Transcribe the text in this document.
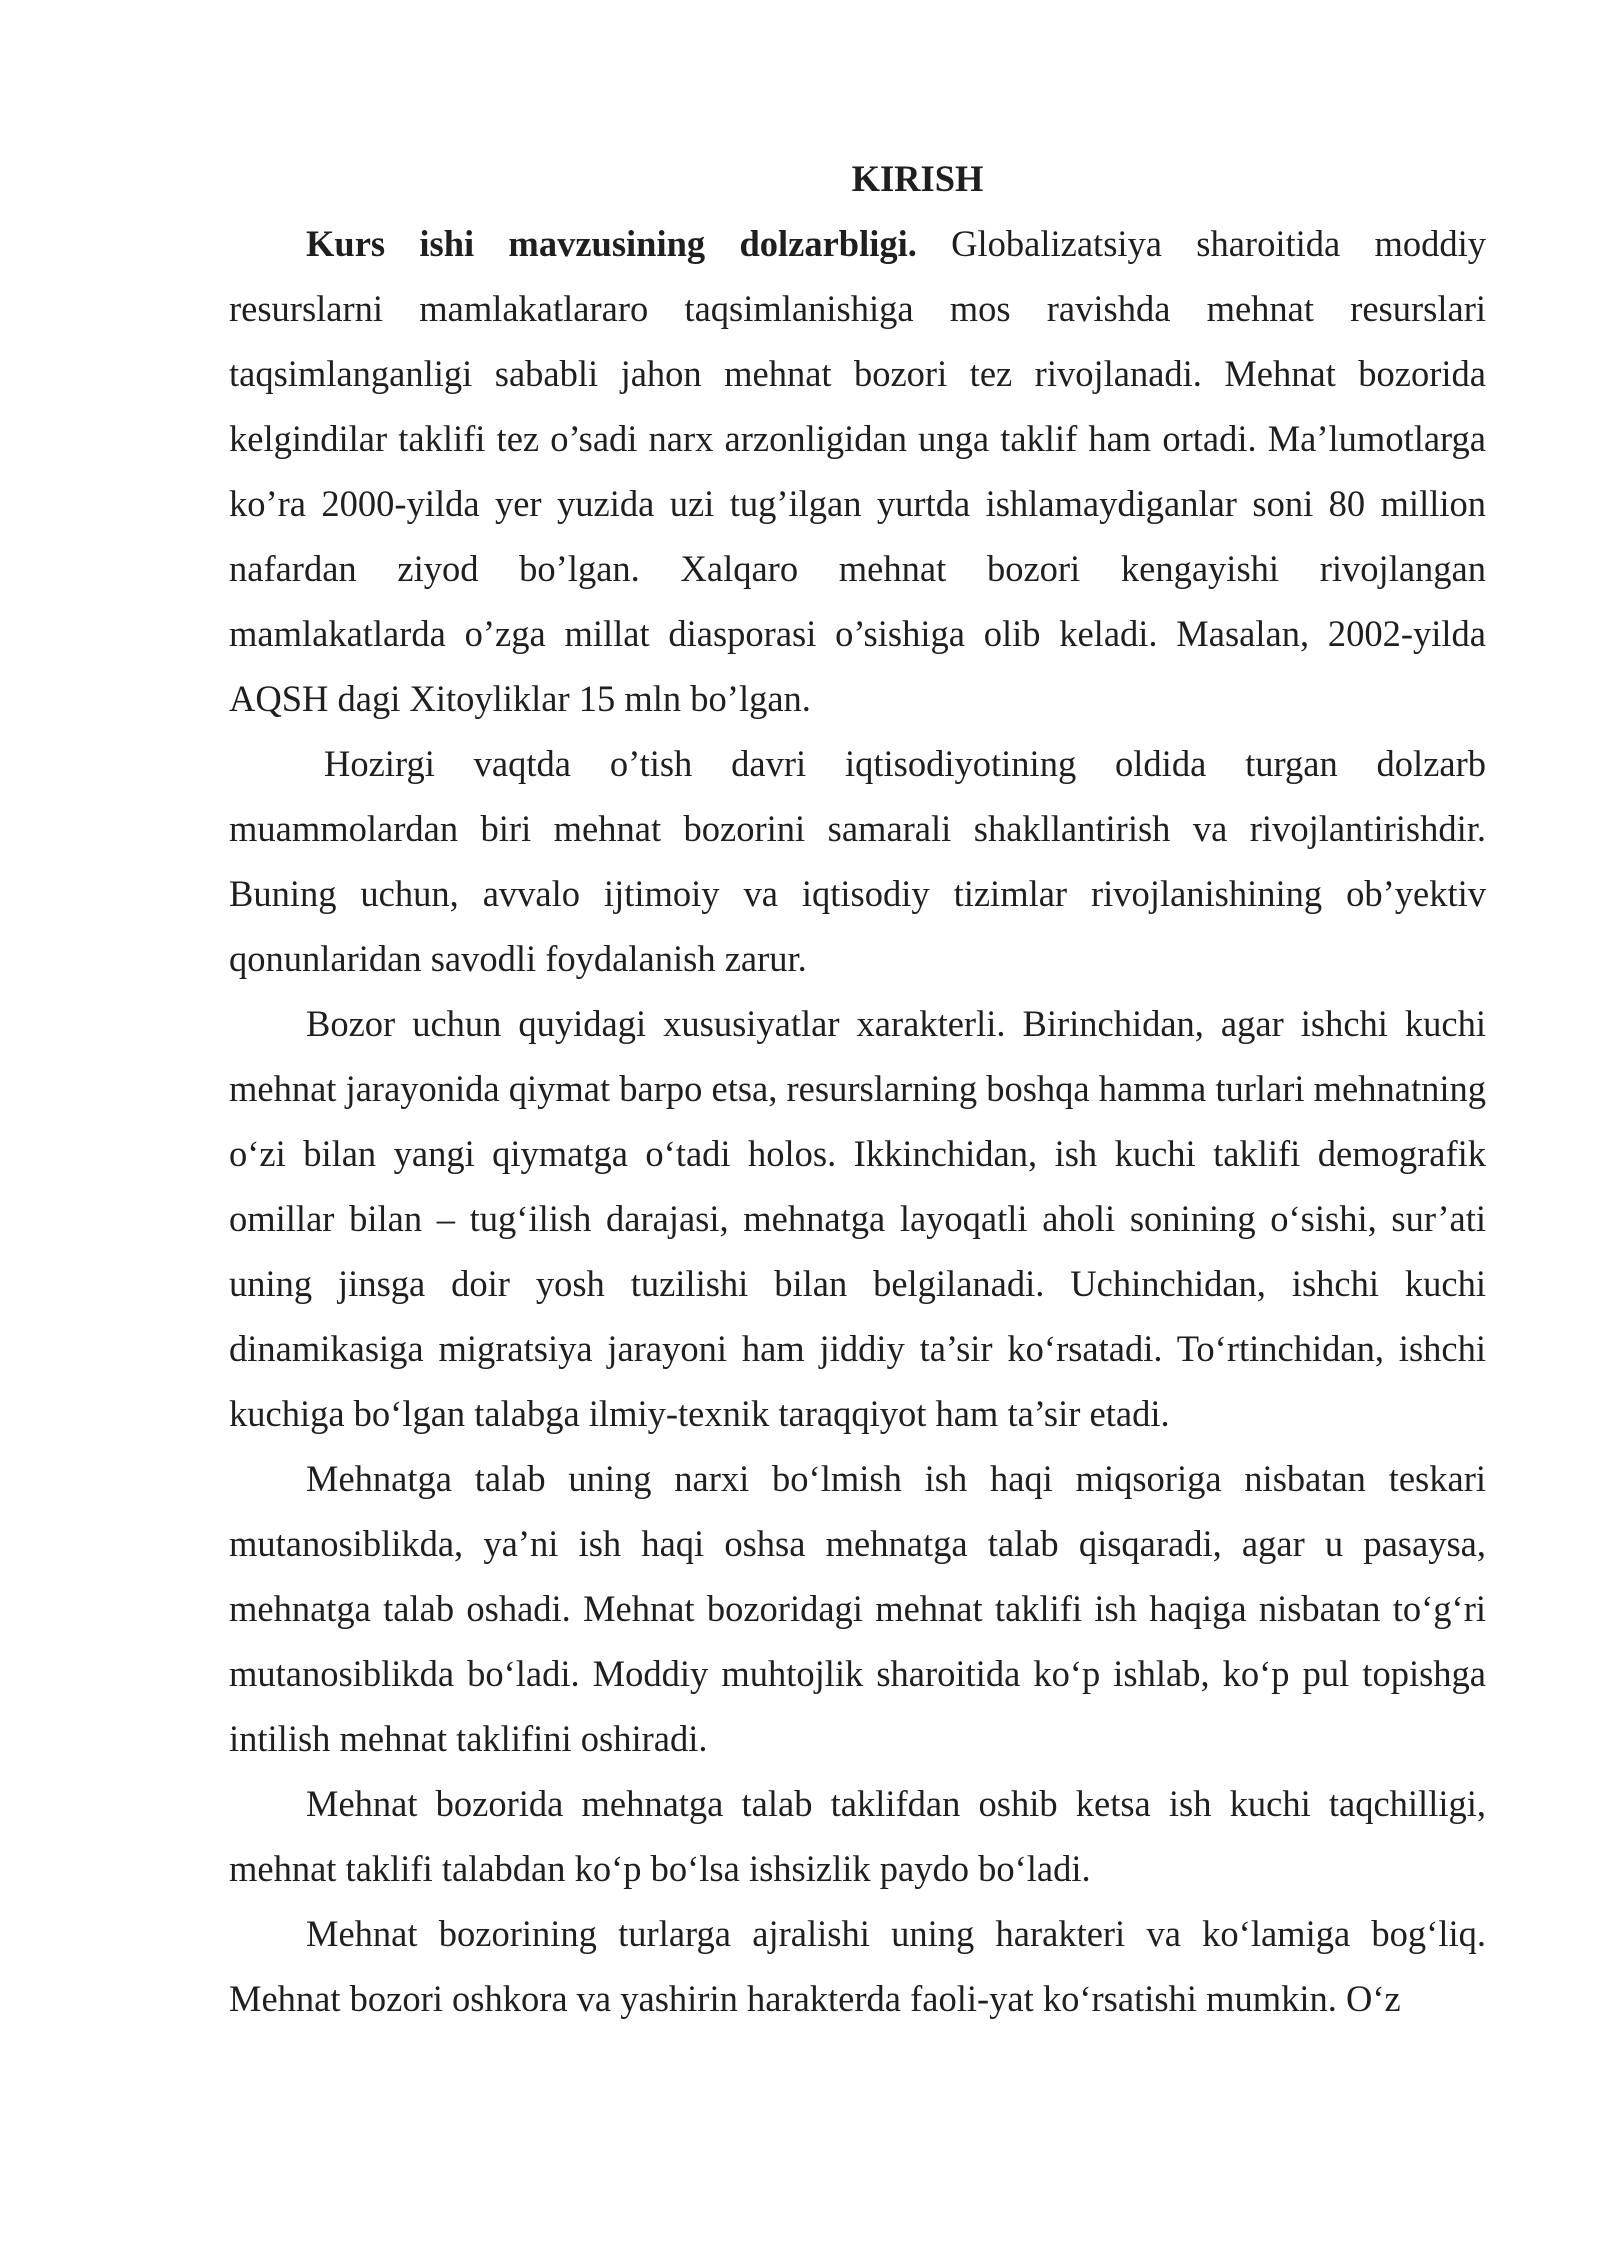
KIRISH

Kurs ishi mavzusining dolzarbligi. Globalizatsiya sharoitida moddiy resurslarni mamlakatlararo taqsimlanishiga mos ravishda mehnat resurslari taqsimlanganligi sababli jahon mehnat bozori tez rivojlanadi. Mehnat bozorida kelgindilar taklifi tez o’sadi narx arzonligidan unga taklif ham ortadi. Ma’lumotlarga ko’ra 2000-yilda yer yuzida uzi tug’ilgan yurtda ishlamaydiganlar soni 80 million nafardan ziyod bo’lgan. Xalqaro mehnat bozori kengayishi rivojlangan mamlakatlarda o’zga millat diasporasi o’sishiga olib keladi. Masalan, 2002-yilda AQSH dagi Xitoyliklar 15 mln bo’lgan.

Hozirgi vaqtda o’tish davri iqtisodiyotining oldida turgan dolzarb muammolardan biri mehnat bozorini samarali shakllantirish va rivojlantirishdir. Buning uchun, avvalo ijtimoiy va iqtisodiy tizimlar rivojlanishining ob’yektiv qonunlaridan savodli foydalanish zarur.

Bozor uchun quyidagi xususiyatlar xarakterli. Birinchidan, agar ishchi kuchi mehnat jarayonida qiymat barpo etsa, resurslarning boshqa hamma turlari mehnatning o‘zi bilan yangi qiymatga o‘tadi holos. Ikkinchidan, ish kuchi taklifi demografik omillar bilan – tug‘ilish darajasi, mehnatga layoqatli aholi sonining o‘sishi, sur’ati uning jinsga doir yosh tuzilishi bilan belgilanadi. Uchinchidan, ishchi kuchi dinamikasiga migratsiya jarayoni ham jiddiy ta’sir ko‘rsatadi. To‘rtinchidan, ishchi kuchiga bo‘lgan talabga ilmiy-texnik taraqqiyot ham ta’sir etadi.

Mehnatga talab uning narxi bo‘lmish ish haqi miqsoriga nisbatan teskari mutanosiblikda, ya’ni ish haqi oshsa mehnatga talab qisqaradi, agar u pasaysa, mehnatga talab oshadi. Mehnat bozoridagi mehnat taklifi ish haqiga nisbatan to‘g‘ri mutanosiblikda bo‘ladi. Moddiy muhtojlik sharoitida ko‘p ishlab, ko‘p pul topishga intilish mehnat taklifini oshiradi.

Mehnat bozorida mehnatga talab taklifdan oshib ketsa ish kuchi taqchilligi, mehnat taklifi talabdan ko‘p bo‘lsa ishsizlik paydo bo‘ladi.

Mehnat bozorining turlarga ajralishi uning harakteri va ko‘lamiga bog‘liq. Mehnat bozori oshkora va yashirin harakterda faoli-yat ko‘rsatishi mumkin. O‘z
